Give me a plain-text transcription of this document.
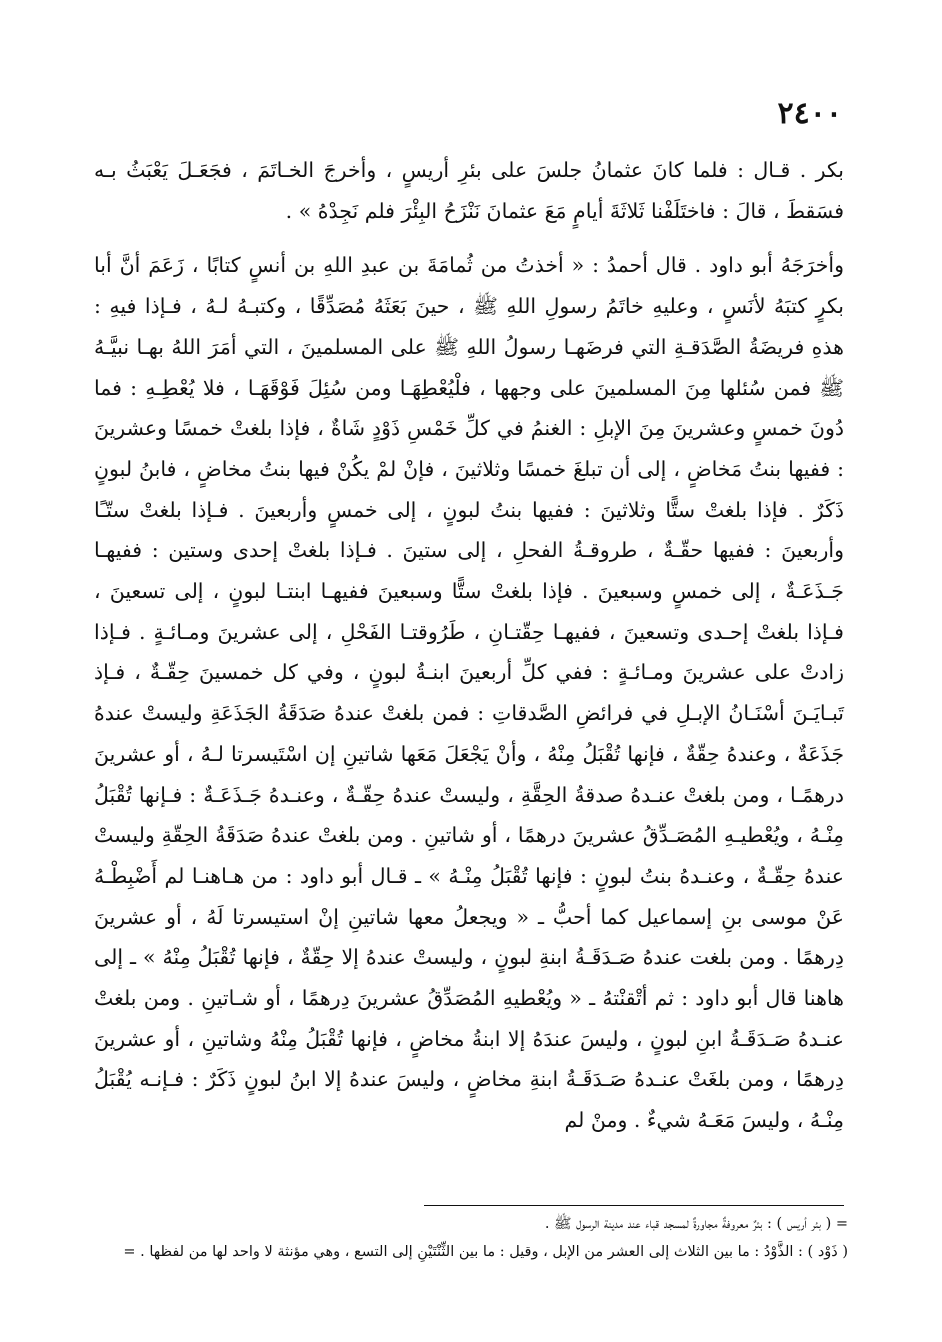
٢٤٠٠

بكر . قـال : فلما كانَ عثمانُ جلسَ على بئرِ أريسٍ ، وأخرجَ الخـاتَمَ ، فجَعَـلَ يَعْبَثُ بـه فسَقطَ ، قالَ : فاختَلَفْنا ثَلاثَةَ أيامٍ مَعَ عثمانَ نَنْزَحُ البِئْرَ فلم نَجِدْهُ » .

وأخرَجَهُ أبو داود . قال أحمدُ : « أخذتُ من ثُمامَةَ بن عبدِ اللهِ بن أنسٍ كتابًا ، زَعَمَ أنَّ أبا بكرٍ كتبَهُ لأنَسٍ ، وعليهِ خاتَمُ رسولِ اللهِ ﷺ ، حينَ بَعَثَهُ مُصَدِّقًا ، وكتبـهُ لـهُ ، فـإذا فيهِ : هذهِ فريضَةُ الصَّدَقـةِ التي فرضَهـا رسولُ اللهِ ﷺ على المسلمينَ ، التي أمَرَ اللهُ بهـا نبيَّـهُ ﷺ فمن سُئلها مِنَ المسلمينَ على وجهها ، فلْيُعْطِهَـا ومن سُئِلَ فَوْقَهَـا ، فلا يُعْطِـهِ : فما دُونَ خمسٍ وعشرينَ مِنَ الإبلِ : الغنمُ في كلِّ خَمْسِ ذَوْدٍ شَاةٌ ، فإذا بلغتْ خمسًا وعشرينَ : ففيها بنتُ مَخاضٍ ، إلى أن تبلغَ خمسًا وثلاثينَ ، فإنْ لمْ يكُنْ فيها بنتُ مخاضٍ ، فابنُ لبونٍ ذَكَرٌ . فإذا بلغتْ ستًّا وثلاثينَ : ففيها بنتُ لبونٍ ، إلى خمسٍ وأربعينَ . فـإذا بلغتْ ستّـًا وأربعينَ : ففيها حقّـةٌ ، طروقـةُ الفحلِ ، إلى ستينَ . فـإذا بلغتْ إحدى وستين : ففيهـا جَـذَعَـةٌ ، إلى خمسٍ وسبعينَ . فإذا بلغتْ ستًّا وسبعينَ ففيهـا ابنتـا لبونٍ ، إلى تسعينَ ، فـإذا بلغتْ إحـدى وتسعينَ ، ففيهـا حِقّتـانِ ، طَرُوقتـا الفَحْلِ ، إلى عشرينَ ومـائـةٍ . فـإذا زادتْ على عشرينَ ومـائـةٍ : ففي كلِّ أربعينَ ابنـةُ لبونٍ ، وفي كل خمسينَ حِقّـةٌ ، فـإذ تَبـايَـنَ أسْنَـانُ الإبـلِ في فرائضِ الصَّدقاتِ : فمن بلغتْ عندهُ صَدَقَةُ الجَذَعَةِ وليستْ عندهُ جَذَعَةٌ ، وعندهُ حِقّةٌ ، فإنها تُقْبَلُ مِنْهُ ، وأنْ يَجْعَلَ مَعَها شاتينِ إن اسْتَيسرتا لـهُ ، أو عشرينَ درهمًـا ، ومن بلغتْ عنـدهُ صدقةُ الحِقَّةِ ، وليستْ عندهُ حِقّـةٌ ، وعنـدهُ جَـذَعَـةٌ : فـإنها تُقْبَلُ مِنْـهُ ، ويُعْطيـهِ المُصَـدِّقُ عشرينَ درهمًا ، أو شاتينِ . ومن بلغتْ عندهُ صَدَقَةُ الحِقّةِ وليستْ عندهُ حِقّـةٌ ، وعنـدهُ بنتُ لبونٍ : فإنها تُقْبَلُ مِنْـهُ » ـ قـال أبو داود : من هـاهنـا لم أَضْبِطْـهُ عَنْ موسى بنِ إسماعيل كما أحبُّ ـ « ويجعلُ معها شاتينِ إنْ استيسرتا لَهُ ، أو عشرينَ دِرهمًا . ومن بلغت عندهُ صَـدَقَـةُ ابنةِ لبونٍ ، وليستْ عندهُ إلا حِقّةٌ ، فإنها تُقْبَلُ مِنْهُ » ـ إلى هاهنا قال أبو داود : ثم أتْقنْتهُ ـ « ويُعْطيهِ المُصَدِّقُ عشرينَ دِرهمًا ، أو شـاتينِ . ومن بلغتْ عنـدهُ صَـدَقَـةُ ابنِ لبونٍ ، وليسَ عندَهُ إلا ابنةُ مخاضٍ ، فإنها تُقْبَلُ مِنْهُ وشاتينِ ، أو عشرينَ دِرهمًا ، ومن بلغَتْ عنـدهُ صَـدَقَـةُ ابنةِ مخاضٍ ، وليسَ عندهُ إلا ابنُ لبونٍ ذَكَرٌ : فـإنـه يُقْبَلُ مِنْـهُ ، وليسَ مَعَـهُ شيءٌ . ومنْ لم

= ( بئر أريس ) : بئرٌ معروفةٌ مجاورةٌ لمسجد قباء عند مدينة الرسول ﷺ .

( ذَوْد ) : الذَّوْدُ : ما بين الثلاث إلى العشر من الإبل ، وقيل : ما بين الثِّنْتَيْنِ إلى التسع ، وهي مؤنثة لا واحد لها من لفظها . =
